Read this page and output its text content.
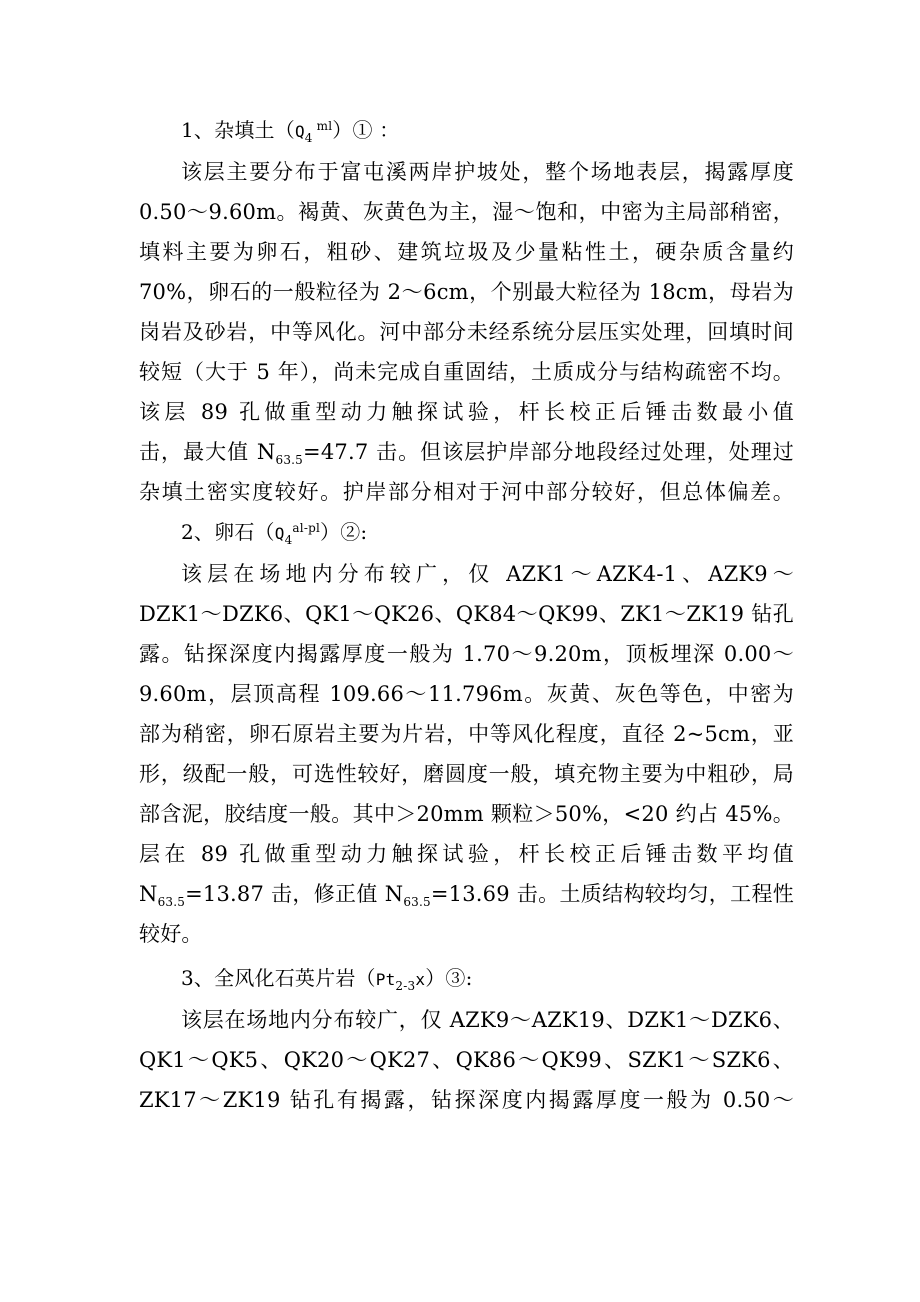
1、杂填土（$Q_4$ $^{ml}$）① ：
该层主要分布于富屯溪两岸护坡处，整个场地表层，揭露厚度
0.50～9.60m。褐黄、灰黄色为主，湿～饱和，中密为主局部稍密，
填料主要为卵石，粗砂、建筑垃圾及少量粘性土，硬杂质含量约
70%，卵石的一般粒径为 2～6cm，个别最大粒径为 18cm，母岩为
岗岩及砂岩，中等风化。河中部分未经系统分层压实处理，回填时间
较短（大于 5 年），尚未完成自重固结，土质成分与结构疏密不均。
该层 89 孔做重型动力触探试验，杆长校正后锤击数最小值
击，最大值 $N_{63.5}=47.7$ 击。但该层护岸部分地段经过处理，处理过
杂填土密实度较好。护岸部分相对于河中部分较好，但总体偏差。
2、卵石$(Q_4^{al-pl})②$:
该层在场地内分布较广，仅 AZK1～AZK4-1、AZK9～
DZK1～DZK6、QK1～QK26、QK84～QK99、ZK1～ZK19 钻孔
露。钻探深度内揭露厚度一般为 1.70～9.20m，顶板埋深 0.00～
9.60m，层顶高程 109.66～11.796m。灰黄、灰色等色，中密为
部为稍密，卵石原岩主要为片岩，中等风化程度，直径 2~5cm，亚
形，级配一般，可选性较好，磨圆度一般，填充物主要为中粗砂，局
部含泥，胶结度一般。其中＞20mm 颗粒＞50%，<20 约占 45%。
层在 89 孔做重型动力触探试验，杆长校正后锤击数平均值
$N_{63.5}=13.87$ 击，修正值 $N_{63.5}=13.69$ 击。土质结构较均匀，工程性
较好。
3、全风化石英片岩$(Pt_{2-3}x)③$:
该层在场地内分布较广，仅 AZK9～AZK19、DZK1～DZK6、
QK1～QK5、QK20～QK27、QK86～QK99、SZK1～SZK6、
ZK17～ZK19 钻孔有揭露，钻探深度内揭露厚度一般为 0.50～
